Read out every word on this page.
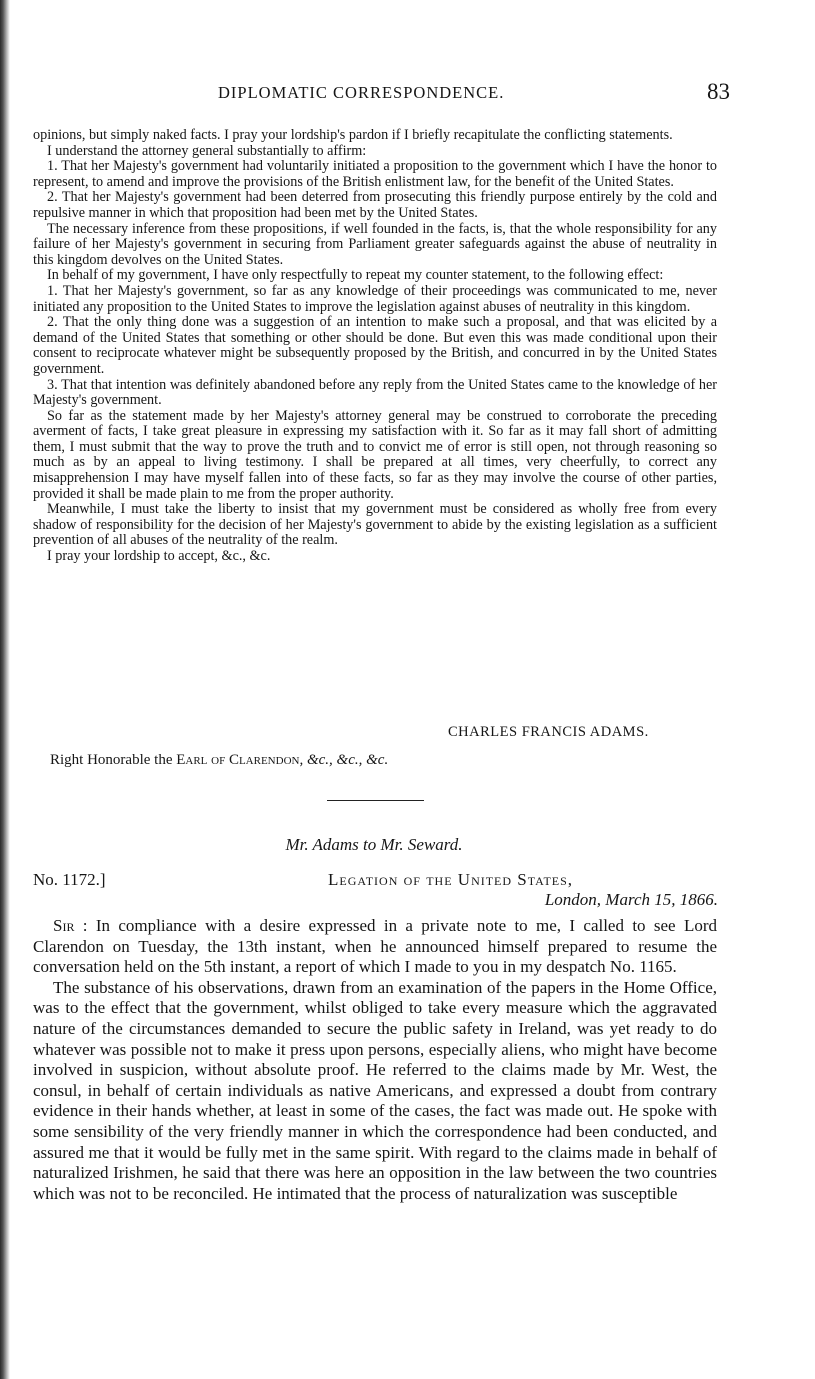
DIPLOMATIC CORRESPONDENCE.	83

opinions, but simply naked facts. I pray your lordship's pardon if I briefly recapitulate the conflicting statements.

I understand the attorney general substantially to affirm:

1. That her Majesty's government had voluntarily initiated a proposition to the government which I have the honor to represent, to amend and improve the provisions of the British enlistment law, for the benefit of the United States.

2. That her Majesty's government had been deterred from prosecuting this friendly purpose entirely by the cold and repulsive manner in which that proposition had been met by the United States.

The necessary inference from these propositions, if well founded in the facts, is, that the whole responsibility for any failure of her Majesty's government in securing from Parliament greater safeguards against the abuse of neutrality in this kingdom devolves on the United States.

In behalf of my government, I have only respectfully to repeat my counter statement, to the following effect:

1. That her Majesty's government, so far as any knowledge of their proceedings was communicated to me, never initiated any proposition to the United States to improve the legislation against abuses of neutrality in this kingdom.

2. That the only thing done was a suggestion of an intention to make such a proposal, and that was elicited by a demand of the United States that something or other should be done. But even this was made conditional upon their consent to reciprocate whatever might be subsequently proposed by the British, and concurred in by the United States government.

3. That that intention was definitely abandoned before any reply from the United States came to the knowledge of her Majesty's government.

So far as the statement made by her Majesty's attorney general may be construed to corroborate the preceding averment of facts, I take great pleasure in expressing my satisfaction with it. So far as it may fall short of admitting them, I must submit that the way to prove the truth and to convict me of error is still open, not through reasoning so much as by an appeal to living testimony. I shall be prepared at all times, very cheerfully, to correct any misapprehension I may have myself fallen into of these facts, so far as they may involve the course of other parties, provided it shall be made plain to me from the proper authority.

Meanwhile, I must take the liberty to insist that my government must be considered as wholly free from every shadow of responsibility for the decision of her Majesty's government to abide by the existing legislation as a sufficient prevention of all abuses of the neutrality of the realm.

I pray your lordship to accept, &c., &c.

CHARLES FRANCIS ADAMS.
Right Honorable the Earl of Clarendon, &c., &c., &c.
Mr. Adams to Mr. Seward.
No. 1172.]	Legation of the United States,
London, March 15, 1866.

Sir : In compliance with a desire expressed in a private note to me, I called to see Lord Clarendon on Tuesday, the 13th instant, when he announced himself prepared to resume the conversation held on the 5th instant, a report of which I made to you in my despatch No. 1165.

The substance of his observations, drawn from an examination of the papers in the Home Office, was to the effect that the government, whilst obliged to take every measure which the aggravated nature of the circumstances demanded to secure the public safety in Ireland, was yet ready to do whatever was possible not to make it press upon persons, especially aliens, who might have become involved in suspicion, without absolute proof. He referred to the claims made by Mr. West, the consul, in behalf of certain individuals as native Americans, and expressed a doubt from contrary evidence in their hands whether, at least in some of the cases, the fact was made out. He spoke with some sensibility of the very friendly manner in which the correspondence had been conducted, and assured me that it would be fully met in the same spirit. With regard to the claims made in behalf of naturalized Irishmen, he said that there was here an opposition in the law between the two countries which was not to be reconciled. He intimated that the process of naturalization was susceptible
